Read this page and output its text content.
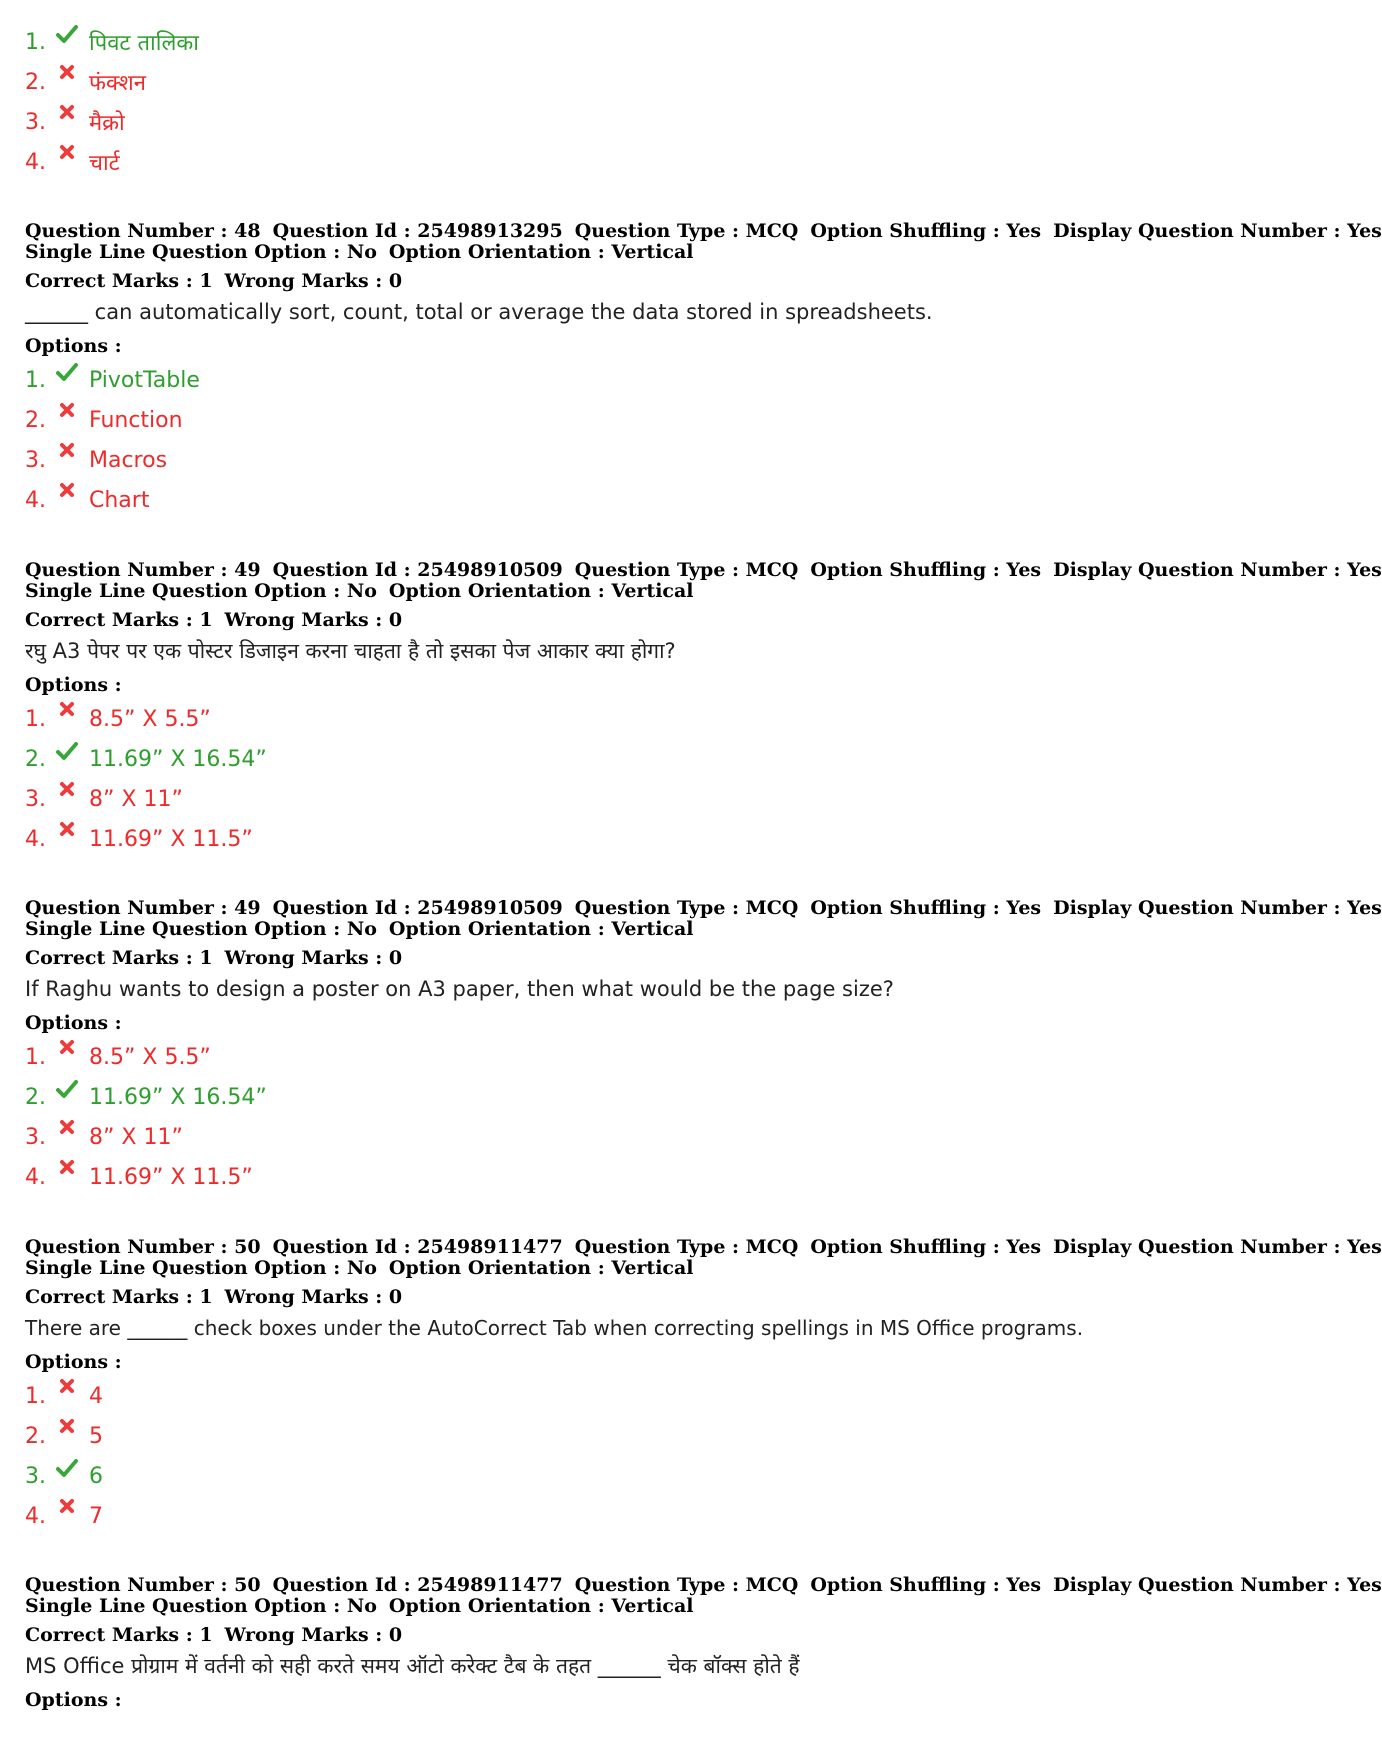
1.	पिवट तालिका
2.	फंक्शन
3.	मैक्रो
4.	चार्ट
Question Number : 48 Question Id : 25498913295 Question Type : MCQ Option Shuffling : Yes Display Question Number : Yes
Single Line Question Option : No Option Orientation : Vertical
Correct Marks : 1 Wrong Marks : 0
______ can automatically sort, count, total or average the data stored in spreadsheets.
Options :
1.	PivotTable
2.	Function
3.	Macros
4.	Chart
Question Number : 49 Question Id : 25498910509 Question Type : MCQ Option Shuffling : Yes Display Question Number : Yes
Single Line Question Option : No Option Orientation : Vertical
Correct Marks : 1 Wrong Marks : 0
रघु A3 पेपर पर एक पोस्टर डिजाइन करना चाहता है तो इसका पेज आकार क्या होगा?
Options :
1.	8.5” X 5.5”
2.	11.69” X 16.54”
3.	8” X 11”
4.	11.69” X 11.5”
Question Number : 49 Question Id : 25498910509 Question Type : MCQ Option Shuffling : Yes Display Question Number : Yes
Single Line Question Option : No Option Orientation : Vertical
Correct Marks : 1 Wrong Marks : 0
If Raghu wants to design a poster on A3 paper, then what would be the page size?
Options :
1.	8.5” X 5.5”
2.	11.69” X 16.54”
3.	8” X 11”
4.	11.69” X 11.5”
Question Number : 50 Question Id : 25498911477 Question Type : MCQ Option Shuffling : Yes Display Question Number : Yes
Single Line Question Option : No Option Orientation : Vertical
Correct Marks : 1 Wrong Marks : 0
There are ______ check boxes under the AutoCorrect Tab when correcting spellings in MS Office programs.
Options :
1.	4
2.	5
3.	6
4.	7
Question Number : 50 Question Id : 25498911477 Question Type : MCQ Option Shuffling : Yes Display Question Number : Yes
Single Line Question Option : No Option Orientation : Vertical
Correct Marks : 1 Wrong Marks : 0
MS Office प्रोग्राम में वर्तनी को सही करते समय ऑटो करेक्ट टैब के तहत ______ चेक बॉक्स होते हैं
Options :
